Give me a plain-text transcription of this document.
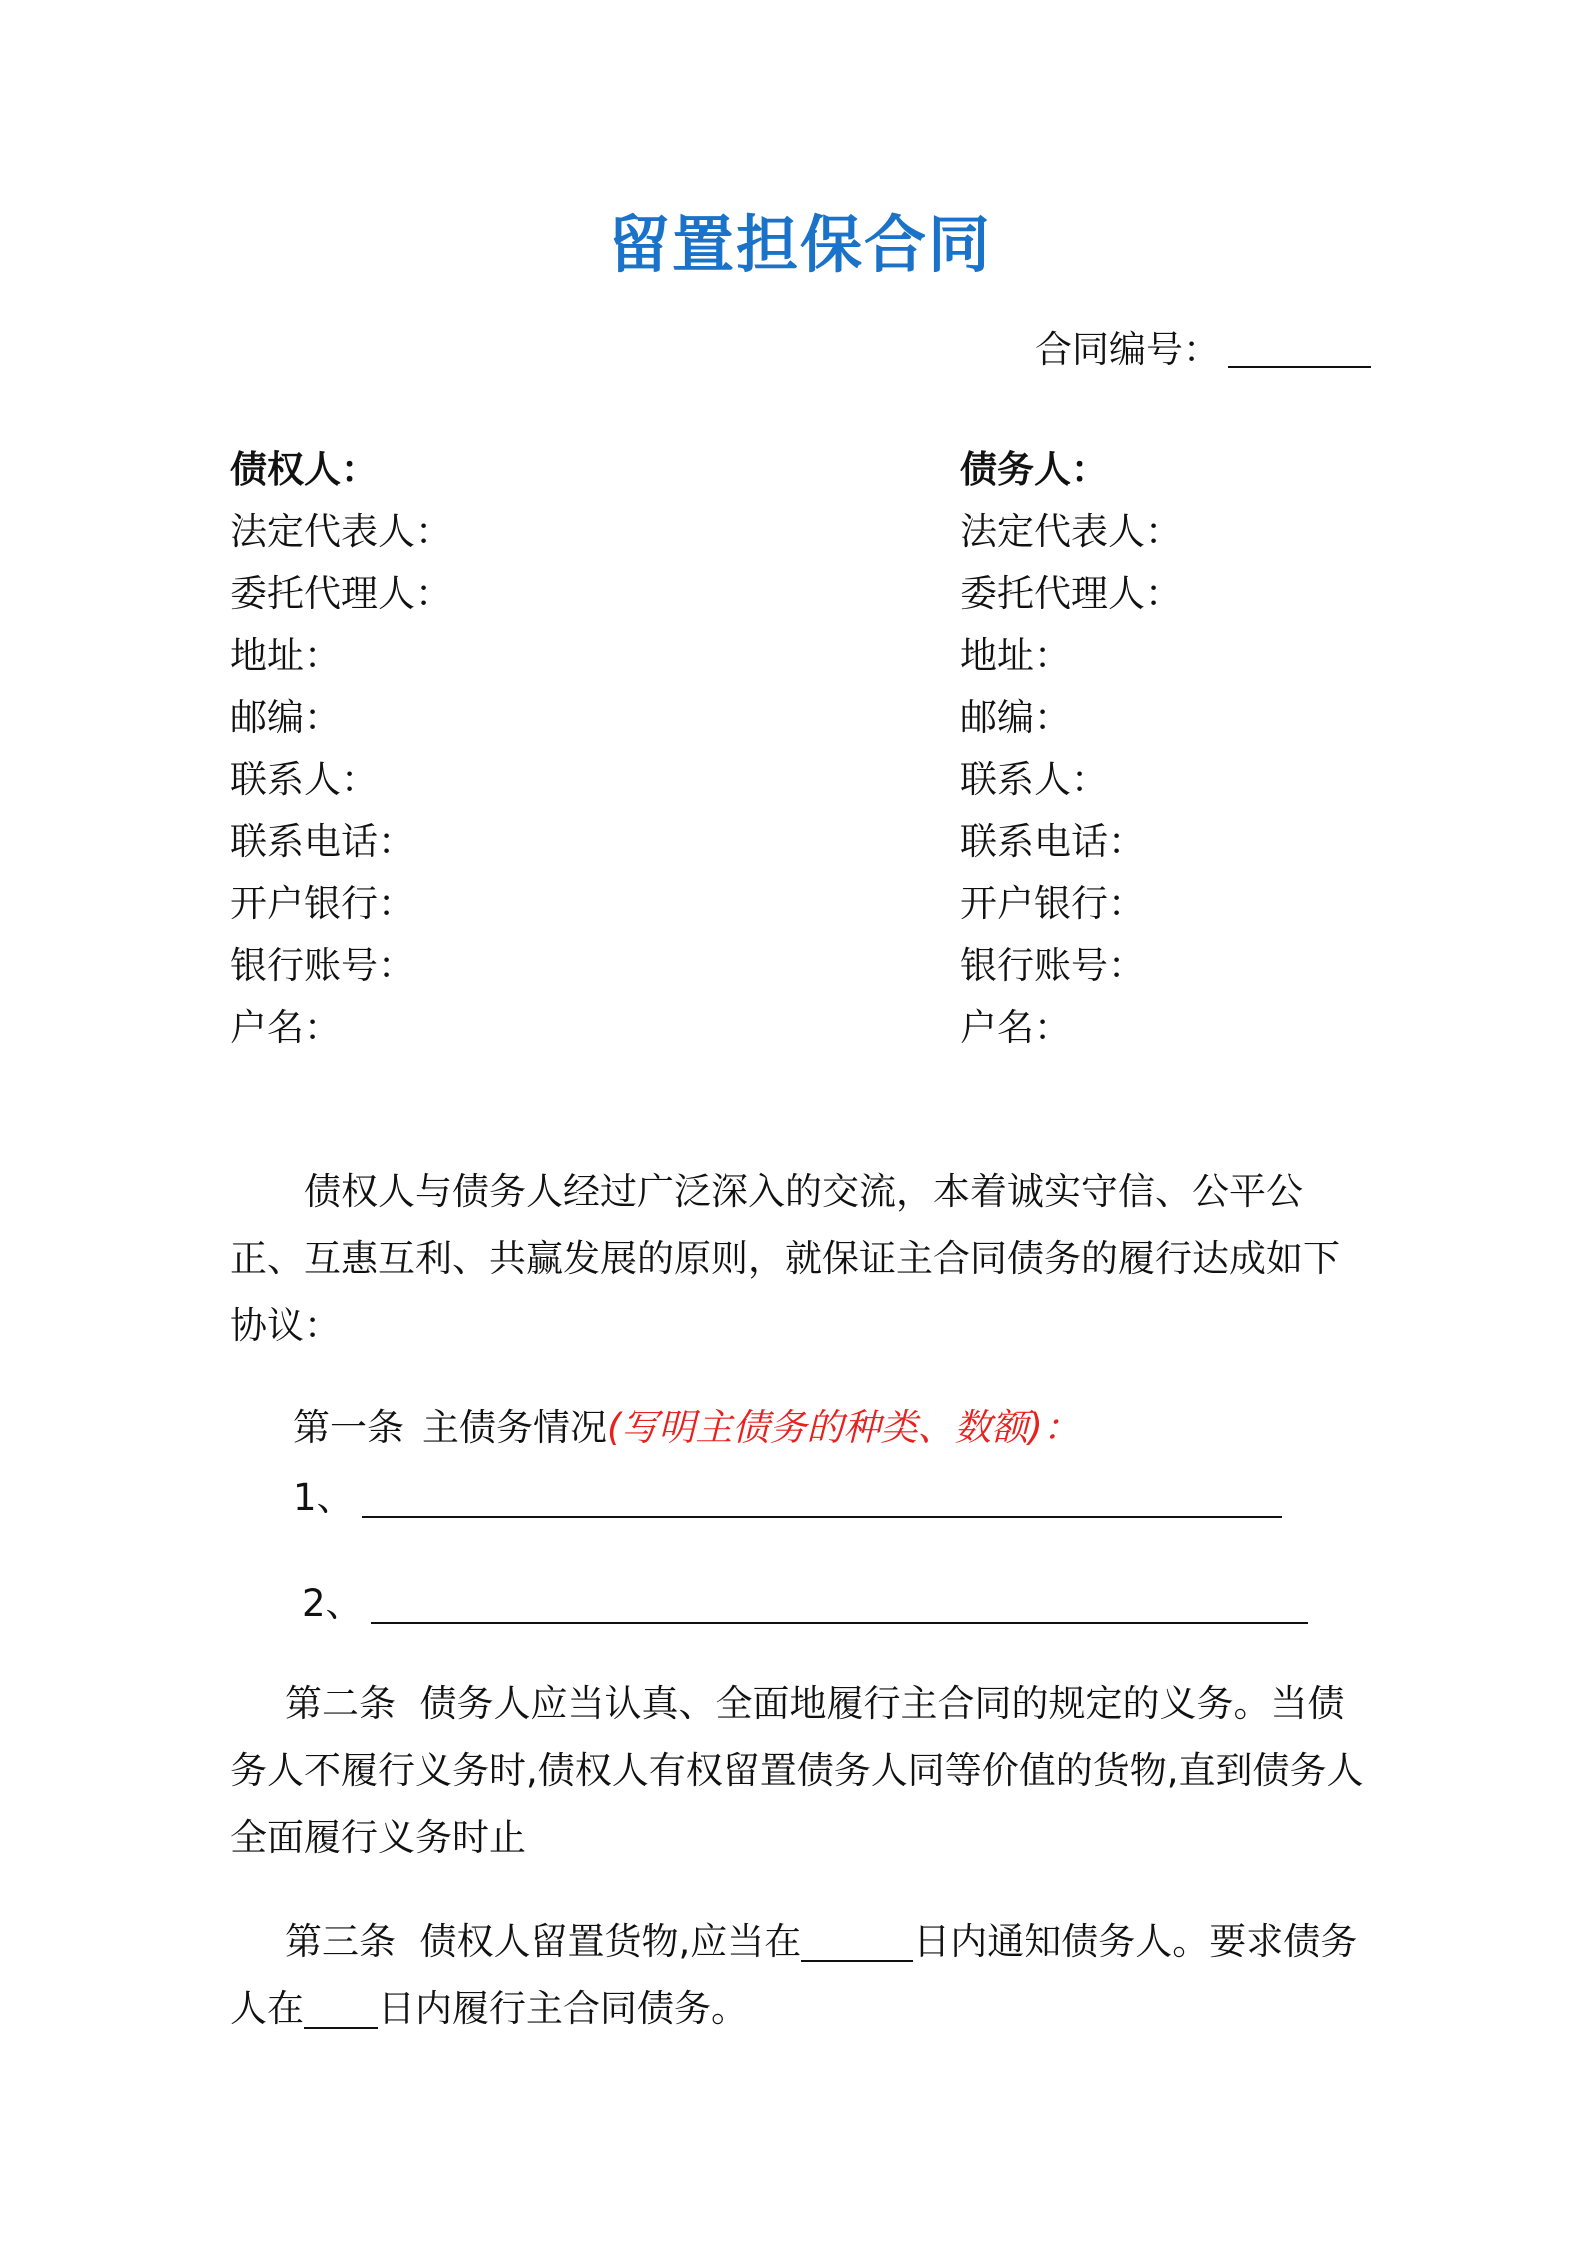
留置担保合同
合同编号：
债权人：
法定代表人：
委托代理人：
地址：
邮编：
联系人：
联系电话：
开户银行：
银行账号：
户名：
债务人：
法定代表人：
委托代理人：
地址：
邮编：
联系人：
联系电话：
开户银行：
银行账号：
户名：
债权人与债务人经过广泛深入的交流，本着诚实守信、公平公正、互惠互利、共赢发展的原则，就保证主合同债务的履行达成如下协议：
第一条 主债务情况(写明主债务的种类、数额)：
1、
2、
第二条 债务人应当认真、全面地履行主合同的规定的义务。当债务人不履行义务时,债权人有权留置债务人同等价值的货物,直到债务人全面履行义务时止
第三条 债权人留置货物,应当在	日内通知债务人。要求债务人在 日内履行主合同债务。
